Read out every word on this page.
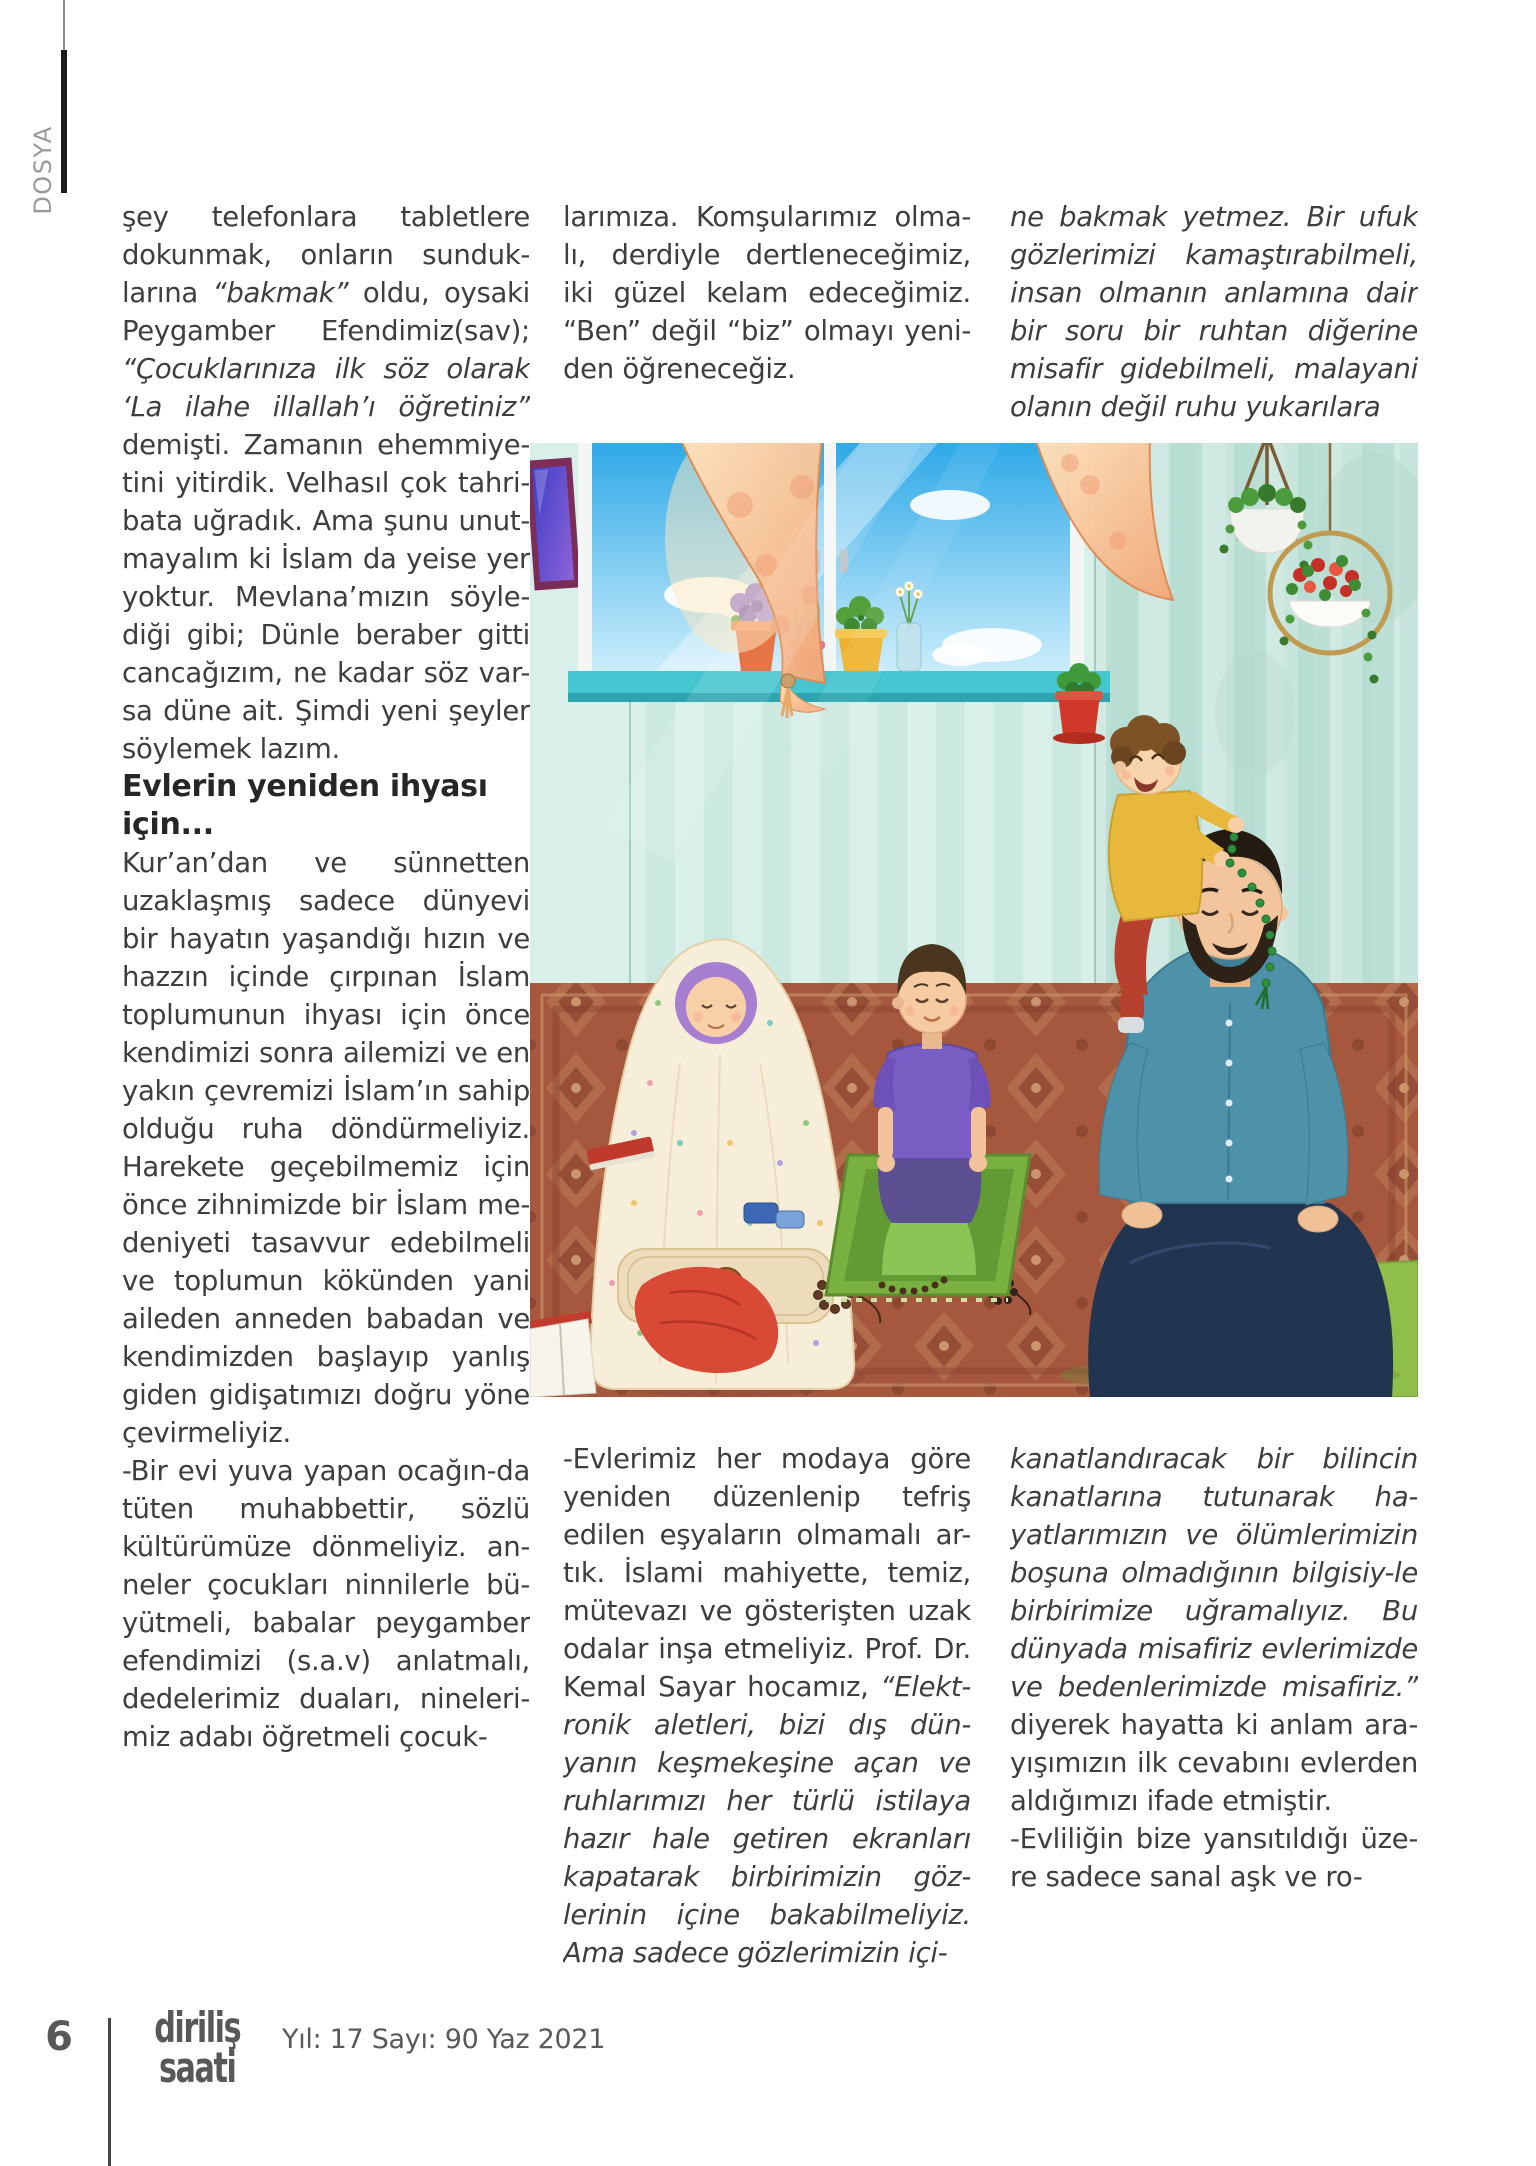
DOSYA

şey telefonlara tabletlere dokunmak, onların sunduk-larına “bakmak” oldu, oysaki Peygamber Efendimiz(sav); “Çocuklarınıza ilk söz olarak ‘La ilahe illallah’ı öğretiniz” demişti. Zamanın ehemmiye-tini yitirdik. Velhasıl çok tahri-bata uğradık. Ama şunu unut-mayalım ki İslam da yeise yer yoktur. Mevlana’mızın söyle-diği gibi; Dünle beraber gitti cancağızım, ne kadar söz var-sa düne ait. Şimdi yeni şeyler söylemek lazım.

Evlerin yeniden ihyası için...

Kur’an’dan ve sünnetten uzaklaşmış sadece dünyevi bir hayatın yaşandığı hızın ve hazzın içinde çırpınan İslam toplumunun ihyası için önce kendimizi sonra ailemizi ve en yakın çevremizi İslam’ın sahip olduğu ruha döndürmeliyiz. Harekete geçebilmemiz için önce zihnimizde bir İslam me-deniyeti tasavvur edebilmeli ve toplumun kökünden yani aileden anneden babadan ve kendimizden başlayıp yanlış giden gidişatımızı doğru yöne çevirmeliyiz.

-Bir evi yuva yapan ocağın-da tüten muhabbettir, sözlü kültürümüze dönmeliyiz. an-neler çocukları ninnilerle bü-yütmeli, babalar peygamber efendimizi (s.a.v) anlatmalı, dedelerimiz duaları, nineleri-miz adabı öğretmeli çocuk-

larımıza. Komşularımız olma-lı, derdiyle dertleneceğimiz, iki güzel kelam edeceğimiz. “Ben” değil “biz” olmayı yeni-den öğreneceğiz.

ne bakmak yetmez. Bir ufuk gözlerimizi kamaştırabilmeli, insan olmanın anlamına dair bir soru bir ruhtan diğerine misafir gidebilmeli, malayani olanın değil ruhu yukarılara

-Evlerimiz her modaya göre yeniden düzenlenip tefriş edilen eşyaların olmamalı ar-tık. İslami mahiyette, temiz, mütevazı ve gösterişten uzak odalar inşa etmeliyiz. Prof. Dr. Kemal Sayar hocamız, “Elekt-ronik aletleri, bizi dış dün-yanın keşmekeşine açan ve ruhlarımızı her türlü istilaya hazır hale getiren ekranları kapatarak birbirimizin göz-lerinin içine bakabilmeliyiz. Ama sadece gözlerimizin içi-

kanatlandıracak bir bilincin kanatlarına tutunarak ha-yatlarımızın ve ölümlerimizin boşuna olmadığının bilgisiy-le birbirimize uğramalıyız. Bu dünyada misafiriz evlerimizde ve bedenlerimizde misafiriz.” diyerek hayatta ki anlam ara-yışımızın ilk cevabını evlerden aldığımızı ifade etmiştir.

-Evliliğin bize yansıtıldığı üze-re sadece sanal aşk ve ro-

6	diriliş
saati
Yıl: 17 Sayı: 90 Yaz 2021
